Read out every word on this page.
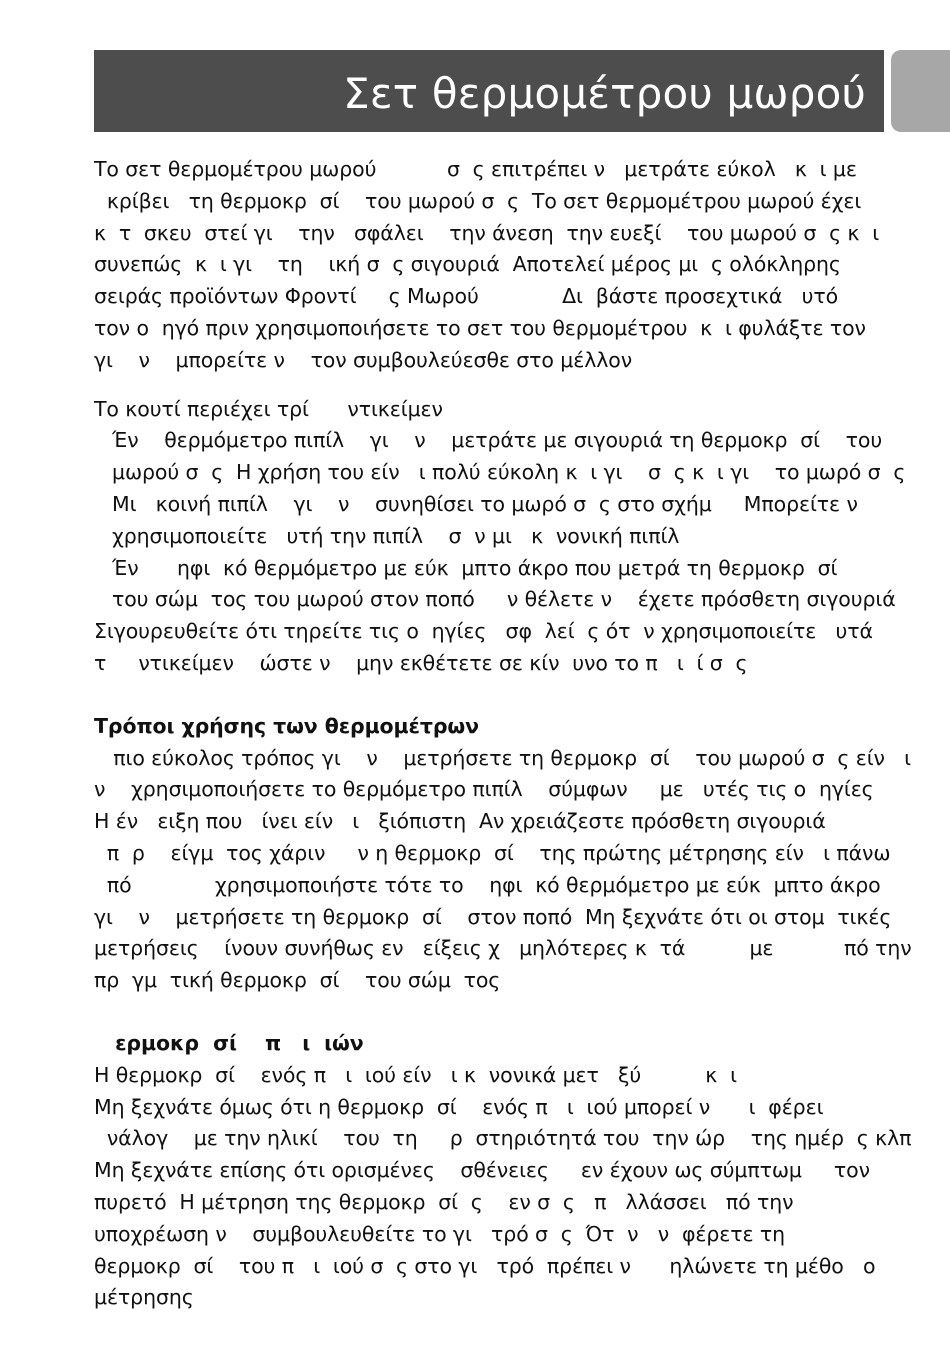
Σετ θερμομέτρου μωρού
Το σετ θερμομέτρου μωρού           σ  ς επιτρέπει ν   μετράτε εύκολ   κ  ι με
κρίβει   τη θερμοκρ  σί    του μωρού σ  ς  Το σετ θερμομέτρου μωρού έχει
κ  τ  σκευ  στεί γι    την   σφάλει    την άνεση  την ευεξί    του μωρού σ  ς κ  ι
συνεπώς  κ  ι γι    τη    ική σ  ς σιγουριά  Αποτελεί μέρος μι  ς ολόκληρης
σειράς προϊόντων Φροντί     ς Μωρού             Δι  βάστε προσεχτικά   υτό
τον ο  ηγό πριν χρησιμοποιήσετε το σετ του θερμομέτρου  κ  ι φυλάξτε τον
γι    ν    μπορείτε ν    τον συμβουλεύεσθε στο μέλλον
Το κουτί περιέχει τρί      ντικείμεν
Έν    θερμόμετρο πιπίλ    γι    ν    μετράτε με σιγουριά τη θερμοκρ  σί    του
μωρού σ  ς  Η χρήση του είν   ι πολύ εύκολη κ  ι γι    σ  ς κ  ι γι    το μωρό σ  ς
Μι   κοινή πιπίλ    γι    ν    συνηθίσει το μωρό σ  ς στο σχήμ     Μπορείτε ν
χρησιμοποιείτε   υτή την πιπίλ    σ  ν μι   κ  νονική πιπίλ
Έν      ηφι  κό θερμόμετρο με εύκ  μπτο άκρο που μετρά τη θερμοκρ  σί
του σώμ  τος του μωρού στον ποπό     ν θέλετε ν    έχετε πρόσθετη σιγουριά
Σιγουρευθείτε ότι τηρείτε τις ο  ηγίες   σφ  λεί  ς ότ  ν χρησιμοποιείτε   υτά
τ     ντικείμεν    ώστε ν    μην εκθέτετε σε κίν  υνο το π   ι  ί σ  ς
Τρόποι χρήσης των θερμομέτρων
πιο εύκολος τρόπος γι    ν    μετρήσετε τη θερμοκρ  σί    του μωρού σ  ς είν   ι
ν    χρησιμοποιήσετε το θερμόμετρο πιπίλ    σύμφων     με   υτές τις ο  ηγίες
Η έν   ειξη που   ίνει είν   ι   ξιόπιστη  Αν χρειάζεστε πρόσθετη σιγουριά
π  ρ    είγμ  τος χάριν     ν η θερμοκρ  σί    της πρώτης μέτρησης είν   ι πάνω
πό             χρησιμοποιήστε τότε το    ηφι  κό θερμόμετρο με εύκ  μπτο άκρο
γι    ν    μετρήσετε τη θερμοκρ  σί    στον ποπό  Μη ξεχνάτε ότι οι στομ  τικές
μετρήσεις    ίνουν συνήθως εν   είξεις χ   μηλότερες κ  τά          με           πό την
πρ  γμ  τική θερμοκρ  σί    του σώμ  τος
ερμοκρ  σί    π   ι  ιών
Η θερμοκρ  σί    ενός π   ι  ιού είν   ι κ  νονικά μετ   ξύ          κ  ι
Μη ξεχνάτε όμως ότι η θερμοκρ  σί    ενός π   ι  ιού μπορεί ν      ι  φέρει
νάλογ    με την ηλικί    του  τη     ρ  στηριότητά του  την ώρ    της ημέρ  ς κλπ
Μη ξεχνάτε επίσης ότι ορισμένες    σθένειες     εν έχουν ως σύμπτωμ     τον
πυρετό  Η μέτρηση της θερμοκρ  σί  ς    εν σ  ς   π   λλάσσει   πό την
υποχρέωση ν    συμβουλευθείτε το γι   τρό σ  ς  Ότ  ν   ν  φέρετε τη
θερμοκρ  σί    του π   ι  ιού σ  ς στο γι   τρό  πρέπει ν      ηλώνετε τη μέθο   ο
μέτρησης
